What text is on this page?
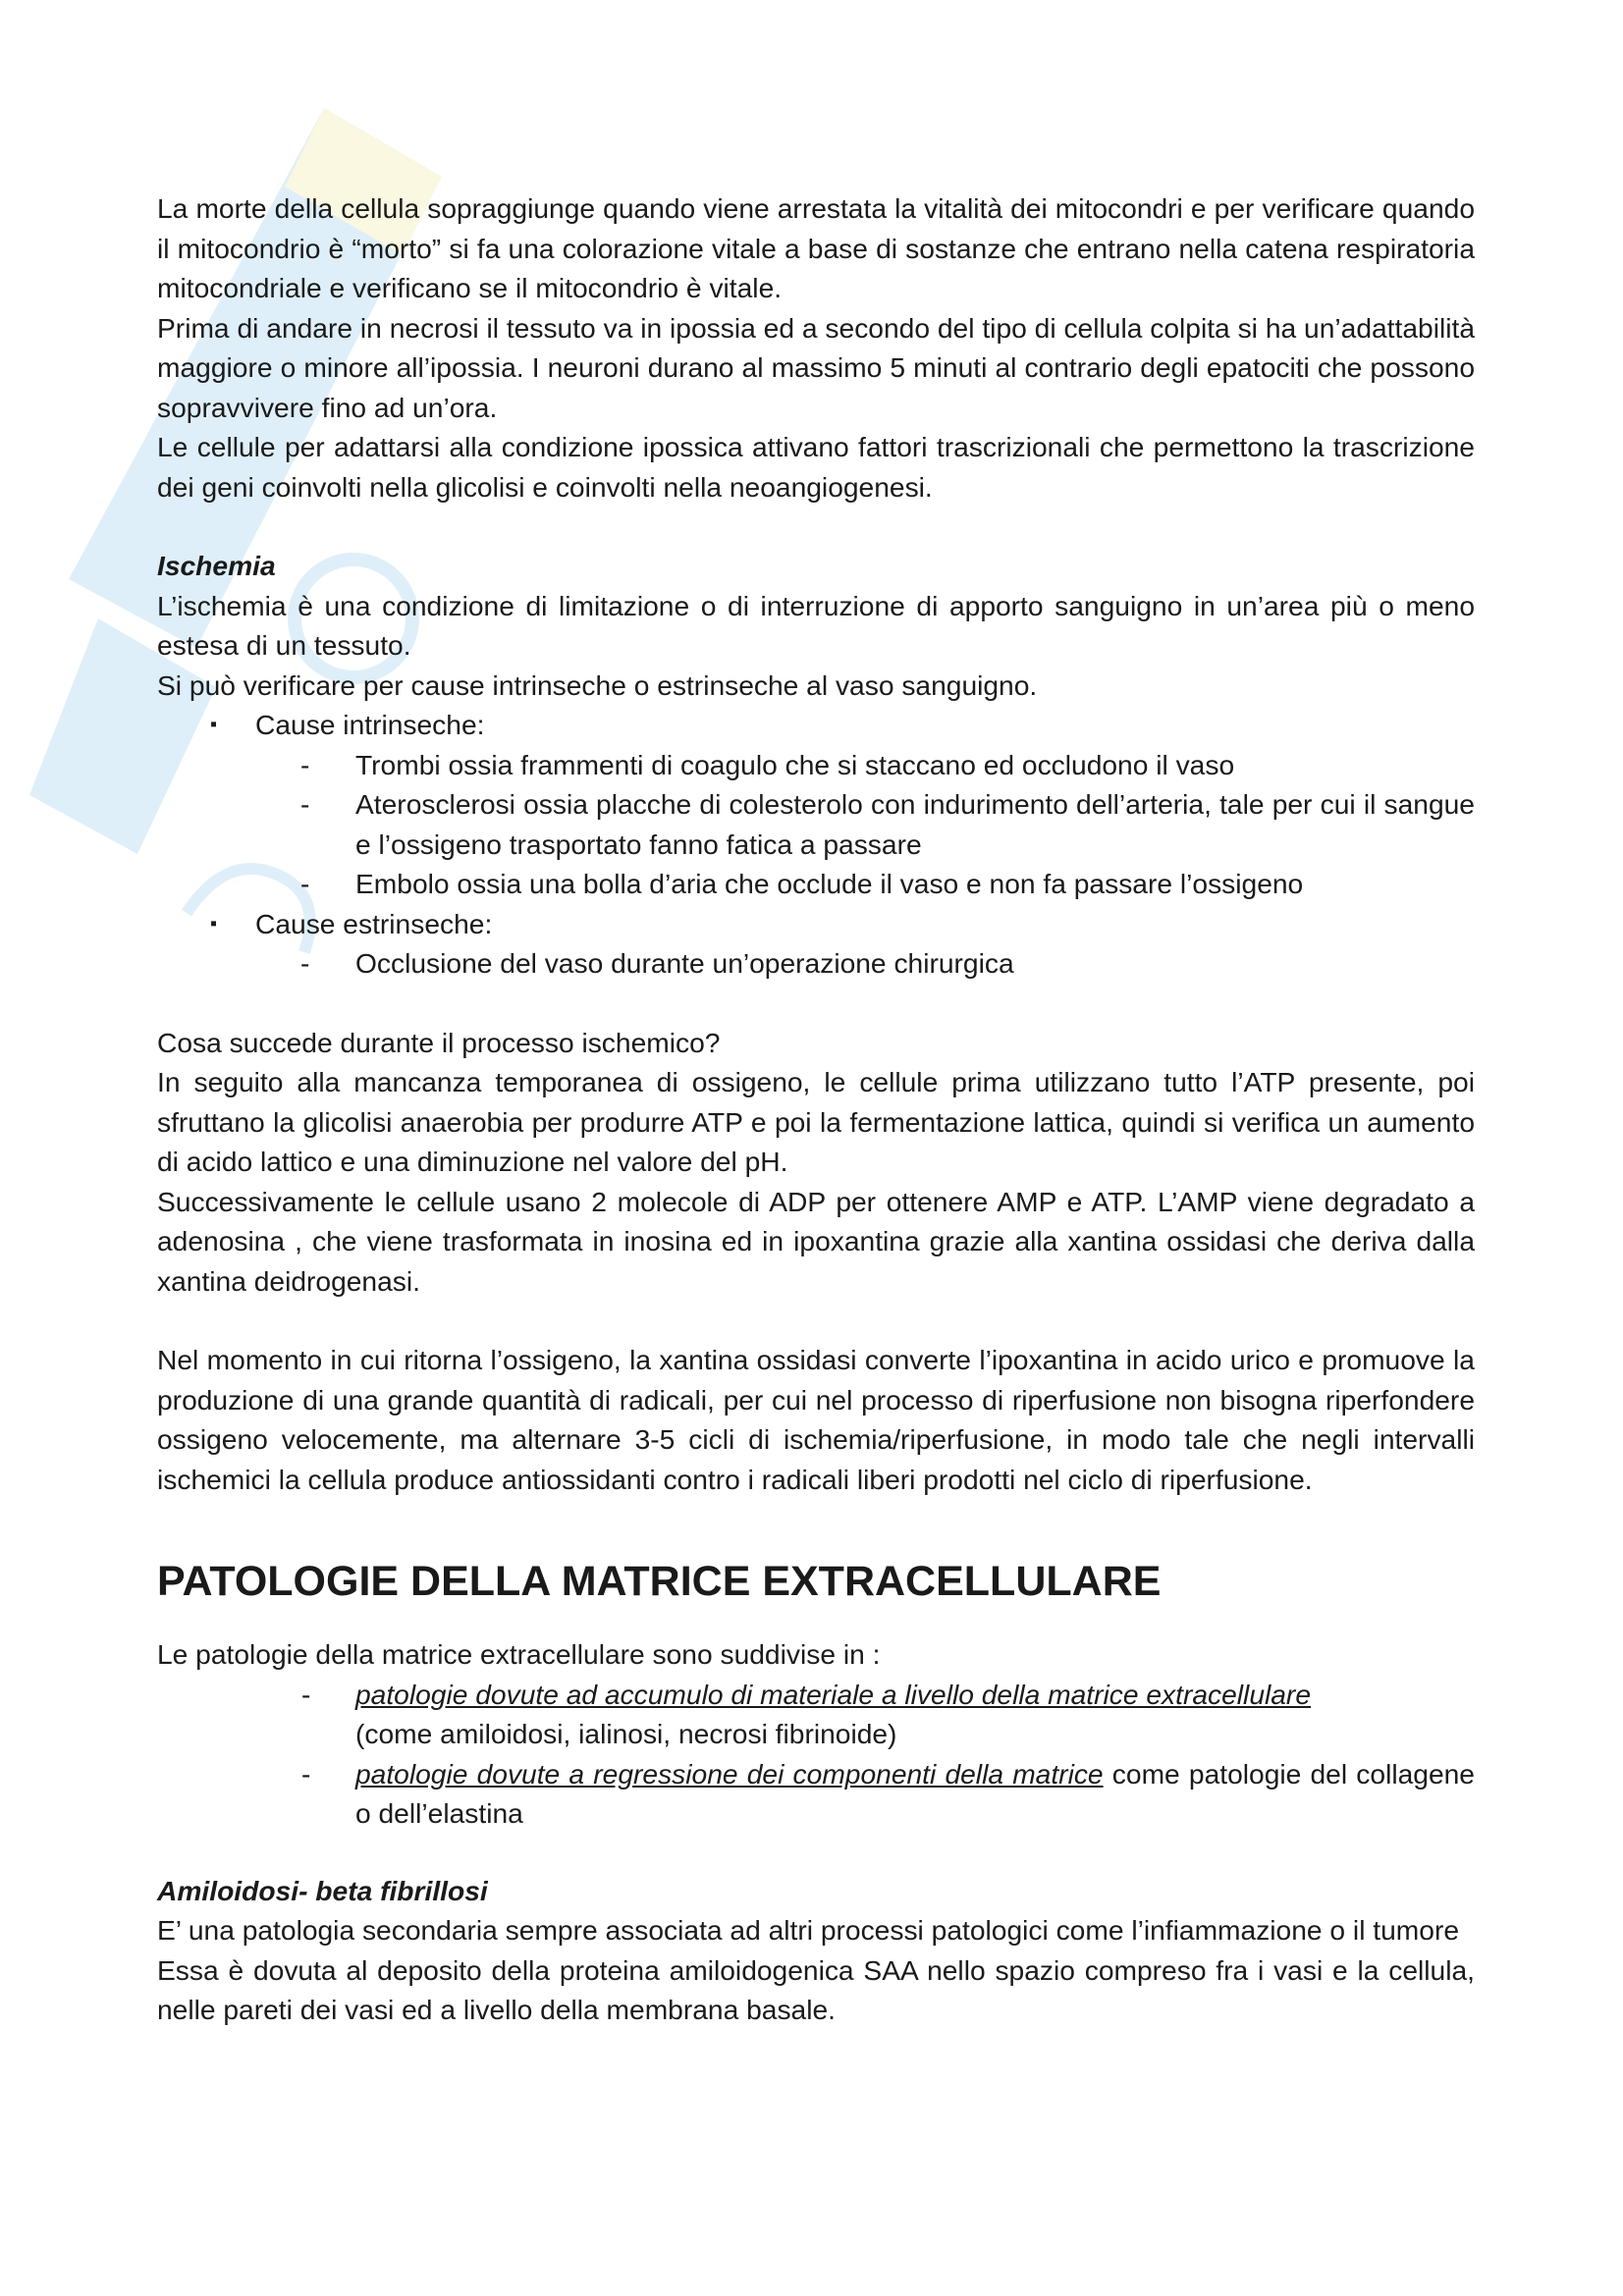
La morte della cellula sopraggiunge quando viene arrestata la vitalità dei mitocondri e per verificare quando il mitocondrio è “morto” si fa una colorazione vitale a base di sostanze che entrano nella catena respiratoria mitocondriale e verificano se il mitocondrio è vitale.

Prima di andare in necrosi il tessuto va in ipossia ed a secondo del tipo di cellula colpita si ha un’adattabilità maggiore o minore all’ipossia. I neuroni durano al massimo 5 minuti al contrario degli epatociti che possono sopravvivere fino ad un’ora.

Le cellule per adattarsi alla condizione ipossica attivano fattori trascrizionali che permettono la trascrizione dei geni coinvolti nella glicolisi e coinvolti nella neoangiogenesi.

Ischemia

L’ischemia è una condizione di limitazione o di interruzione di apporto sanguigno in un’area più o meno estesa di un tessuto.

Si può verificare per cause intrinseche o estrinseche al vaso sanguigno.

▪ Cause intrinseche:
- Trombi ossia frammenti di coagulo che si staccano ed occludono il vaso
- Aterosclerosi ossia placche di colesterolo con indurimento dell’arteria, tale per cui il sangue e l’ossigeno trasportato fanno fatica a passare
- Embolo ossia una bolla d’aria che occlude il vaso e non fa passare l’ossigeno
▪ Cause estrinseche:
- Occlusione del vaso durante un’operazione chirurgica

Cosa succede durante il processo ischemico?

In seguito alla mancanza temporanea di ossigeno, le cellule prima utilizzano tutto l’ATP presente, poi sfruttano la glicolisi anaerobia per produrre ATP e poi la fermentazione lattica, quindi si verifica un aumento di acido lattico e una diminuzione nel valore del pH.

Successivamente le cellule usano 2 molecole di ADP per ottenere AMP e ATP. L’AMP viene degradato a adenosina , che viene trasformata in inosina ed in ipoxantina grazie alla xantina ossidasi che deriva dalla xantina deidrogenasi.

Nel momento in cui ritorna l’ossigeno, la xantina ossidasi converte l’ipoxantina in acido urico e promuove la produzione di una grande quantità di radicali, per cui nel processo di riperfusione non bisogna riperfondere ossigeno velocemente, ma alternare 3-5 cicli di ischemia/riperfusione, in modo tale che negli intervalli ischemici la cellula produce antiossidanti contro i radicali liberi prodotti nel ciclo di riperfusione.

PATOLOGIE DELLA MATRICE EXTRACELLULARE

Le patologie della matrice extracellulare sono suddivise in :

- patologie dovute ad accumulo di materiale a livello della matrice extracellulare
(come amiloidosi, ialinosi, necrosi fibrinoide)
- patologie dovute a regressione dei componenti della matrice come patologie del collagene o dell’elastina
Amiloidosi- beta fibrillosi

E’ una patologia secondaria sempre associata ad altri processi patologici come l’infiammazione o il tumore

Essa è dovuta al deposito della proteina amiloidogenica SAA nello spazio compreso fra i vasi e la cellula, nelle pareti dei vasi ed a livello della membrana basale.
